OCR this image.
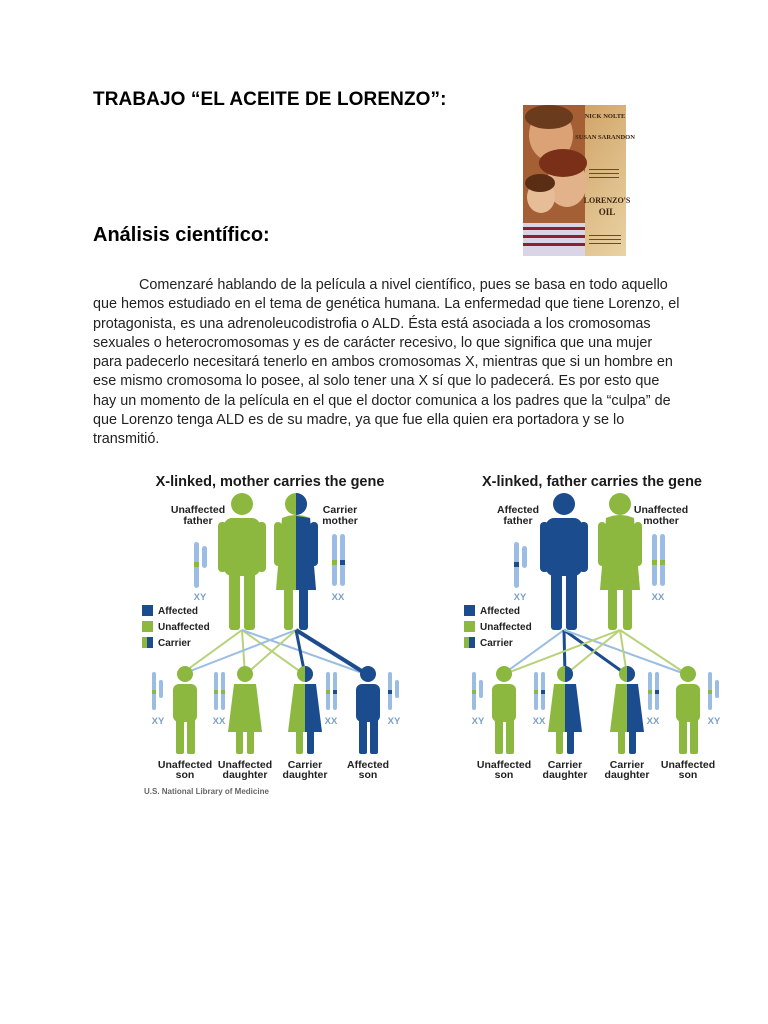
TRABAJO “EL ACEITE DE LORENZO”:
NICK NOLTE
SUSAN SARANDON
LORENZO'S
OIL
Análisis científico:

Comenzaré hablando de la película a nivel científico, pues se basa en todo aquello que hemos estudiado en el tema de genética humana. La enfermedad que tiene Lorenzo, el protagonista, es una adrenoleucodistrofia o ALD. Ésta está asociada a los cromosomas sexuales o heterocromosomas y es de carácter recesivo, lo que significa que una mujer para padecerlo necesitará tenerlo en ambos cromosomas X, mientras que si un hombre en ese mismo cromosoma lo posee, al solo tener una X sí que lo padecerá. Es por esto que hay un momento de la película en el que el doctor comunica a los padres que la “culpa” de que Lorenzo tenga ALD es de su madre, ya que fue ella quien era portadora y se lo transmitió.

X-linked, mother carries the gene
Unaffected
father
Carrier
mother
XY	XX
Affected
Unaffected
Carrier
XY	XX	XX	XY
Unaffected
son
Unaffected
daughter
Carrier
daughter
Affected
son
U.S. National Library of Medicine
X-linked, father carries the gene
Affected
father
Unaffected
mother
XY	XX
Affected
Unaffected
Carrier
XY	XX	XX	XY
Unaffected
son
Carrier
daughter
Carrier
daughter
Unaffected
son
